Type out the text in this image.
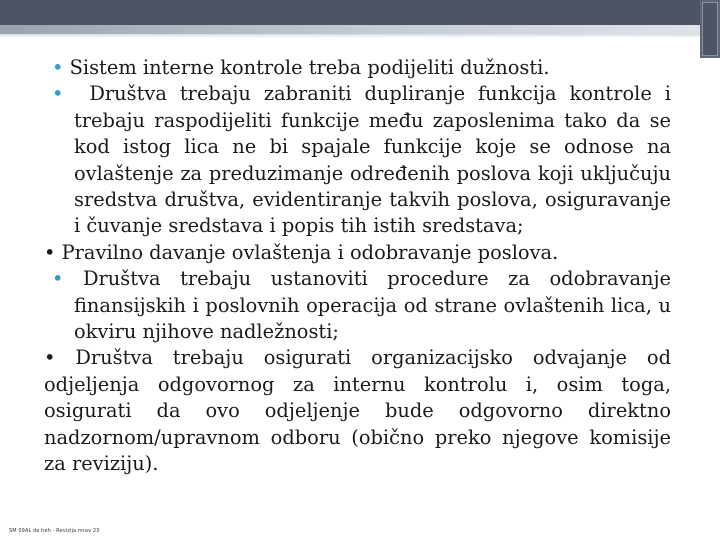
• Sistem interne kontrole treba podijeliti dužnosti.

• Društva trebaju zabraniti dupliranje funkcija kontrole i trebaju raspodijeliti funkcije među zaposlenima tako da se kod istog lica ne bi spajale funkcije koje se odnose na ovlaštenje za preduzimanje određenih poslova koji uključuju sredstva društva, evidentiranje takvih poslova, osiguravanje i čuvanje sredstava i popis tih istih sredstava;

• Pravilno davanje ovlaštenja i odobravanje poslova.

• Društva trebaju ustanoviti procedure za odobravanje finansijskih i poslovnih operacija od strane ovlaštenih lica, u okviru njihove nadležnosti;

• Društva trebaju osigurati organizacijsko odvajanje od odjeljenja odgovornog za internu kontrolu i, osim toga, osigurati da ovo odjeljenje bude odgovorno direktno nadzornom/upravnom odboru (obično preko njegove komisije za reviziju).

SM 09AL de heh - Revizija mrav 23
